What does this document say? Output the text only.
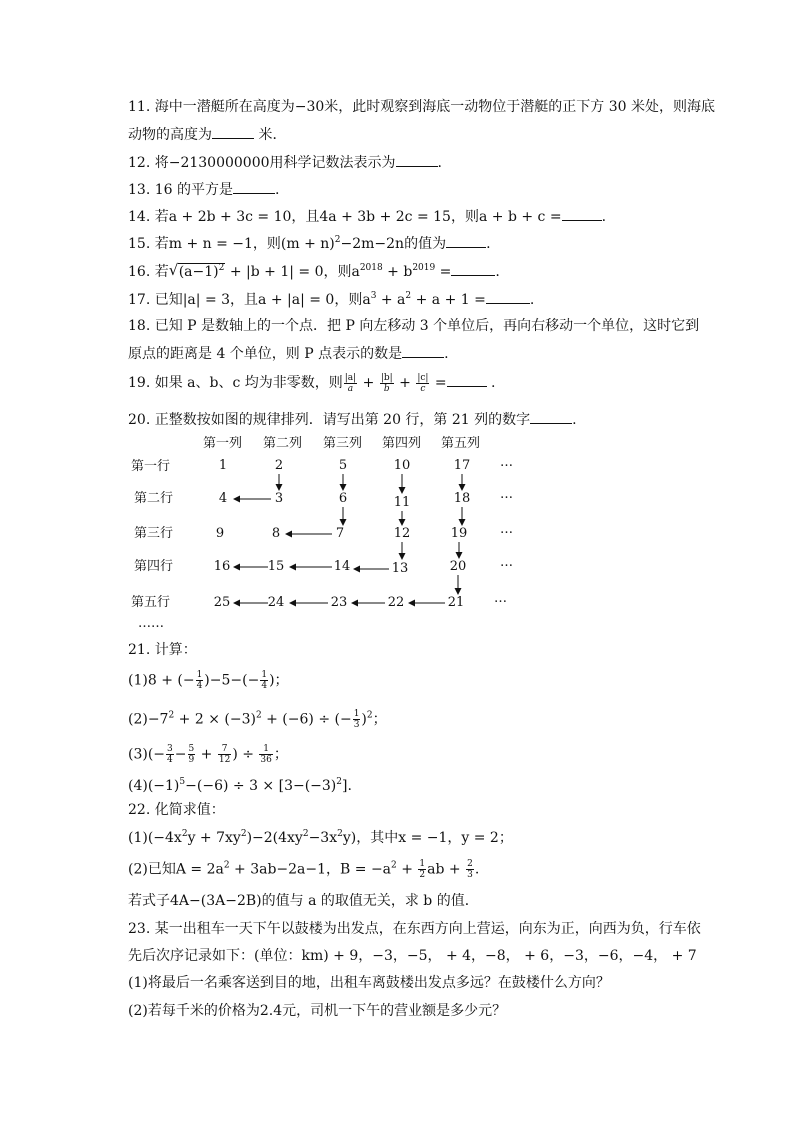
11. 海中一潜艇所在高度为−30米，此时观察到海底一动物位于潜艇的正下方 30 米处，则海底
动物的高度为	米．
12. 将−2130000000用科学记数法表示为	.
13. 16 的平方是	.
14. 若a + 2b + 3c = 10，且4a + 3b + 2c = 15，则a + b + c =	.
15. 若m + n = −1，则$(m + n)^2-2m-2n$的值为	.
16. 若√ $(a-1)^2 + |b + 1| = 0$，则$a^{2018} + b^{2019}$ =	.
17. 已知|a| = 3，且a + |a| = 0，则$a^3 + a^2 + a + 1$ =	.
18. 已知 P 是数轴上的一个点．把 P 向左移动 3 个单位后，再向右移动一个单位，这时它到
原点的距离是 4 个单位，则 P 点表示的数是	.
19. 如果 a、b、c 均为非零数，则 $\frac{|a|}{a} + \frac{|b|}{b} + \frac{|c|}{c}$ =	.
20. 正整数按如图的规律排列．请写出第 20 行，第 21 列的数字	.
第一列 第二列 第三列 第四列 第五列
第一行
第二行
第三行
第四行
第五行
1	2	5	10	17
4	3	6	11	18
9	8	7	12	19
16	15	14	13	20
25	24	23	22	21
…
…
…
…
…
……
21. 计算：
(1)8 + (− $\frac{1}{4} )-5-(- \frac{1}{4}$ )；
$(2)-7^2 + 2 \times (-3)^2 + (-6)$ ÷ (− $\frac{1}{3} )^2$；
$(3)(- \frac{3}{4} - \frac{5}{9} + \frac{7}{12}$ ) ÷ $\frac{1}{36}$ ；
$(4)(-1)^5-(-6) \div 3 \times [3-(-3)^2]$.
22. 化简求值：
$(1)(-4x^2y + 7xy^2)-2(4xy^2-3x^2y)$，其中x = −1，y = 2；
(2)已知$A = 2a^2 + 3ab-2a-1$，$B = -a^2 + \frac{1}{2}$ ab + $\frac{2}{3}$ .
若式子4A−(3A−2B)的值与 a 的取值无关，求 b 的值．
23. 某一出租车一天下午以鼓楼为出发点，在东西方向上营运，向东为正，向西为负，行车依
先后次序记录如下：(单位：km) + 9，−3，−5， + 4，−8， + 6，−3，−6，−4， + 7
(1)将最后一名乘客送到目的地，出租车离鼓楼出发点多远？在鼓楼什么方向？
(2)若每千米的价格为2.4元，司机一下午的营业额是多少元？
